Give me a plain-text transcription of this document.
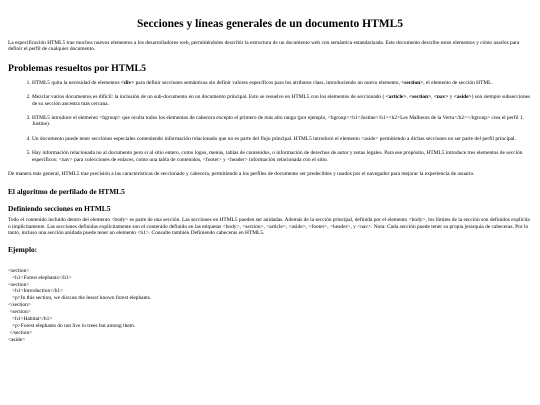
Secciones y líneas generales de un documento HTML5

La especificación HTML5 trae muchos nuevos elementos a los desarrolladores web, permitiéndoles describir la estructura de un documento web con semántica estandarizada. Este documento describe estos elementos y cómo usarlos para definir el perfil de cualquier documento.

Problemas resueltos por HTML5
1. HTML5 quita la necesidad de elementos <div> para definir secciones semánticas sin definir valores específicos para los atributos class, introduciendo un nuevo elemento, <section>, el elemento de sección HTML.
2. Mezclar varios documentos es difícil: la inclusión de un sub-documento en un documento principal. Esto se resuelve en HTML5 con los elementos de seccionado ( <article>, <section>, <nav> y <aside>) son siempre subsecciones de su sección ancestra más cercana.
3. HTML5 introduce el elemento <hgroup> que oculta todos los elementos de cabecera excepto el primero de más alto rango (por ejemplo, <hgroup><h1>Justine</h1><h2>Les Malheurs de la Vertu</h2></hgroup> crea el perfil 1. Justine).
4. Un documento puede tener secciones especiales conteniendo información relacionado que no es parte del flujo principal. HTML5 introduce el elemento <aside> permitiendo a dichas secciones no ser parte del perfil principal.
5. Hay información relacionada no al documento pero si al sitio entero, como logos, menús, tablas de contenidos, o información de derechos de autor y notas legales. Para ese propósito, HTML5 introduce tres elementos de sección específicos: <nav> para colecciones de enlaces, como una tabla de contenidos, <footer> y <header> información relacionada con el sitio.

De manera más general, HTML5 trae precisión a las características de seccionado y cabecera, permitiendo a los perfiles de documento ser predecibles y usados por el navegador para mejorar la experiencia de usuario.

El algoritmo de perfilado de HTML5
Definiendo secciones en HTML5

Todo el contenido incluido dentro del elemento <body> es parte de una sección. Las secciones en HTML5 pueden ser anidadas. Además de la sección principal, definida por el elemento <body>, los límites de la sección son definidos explícita o implícitamente. Las secciones definidas explícitamente son el contenido definido en las etiquetas <body>, <section>, <article>, <aside>, <footer>, <header>, y <nav>. Nota: Cada sección puede tener su propia jerarquía de cabeceras. Por lo tanto, incluso una sección anidada puede tener un elemento <h1>. Consulte también Definiendo cabeceras en HTML5.

Ejemplo:
<section>
<h1>Forest elephants</h1>
<section>
<h1>Introduction</h1>
<p>In this section, we discuss the lesser known forest elephants.
</section>
<section>
<h1>Habitat</h1>
<p>Forest elephants do not live in trees but among them.
</section>
<aside>
